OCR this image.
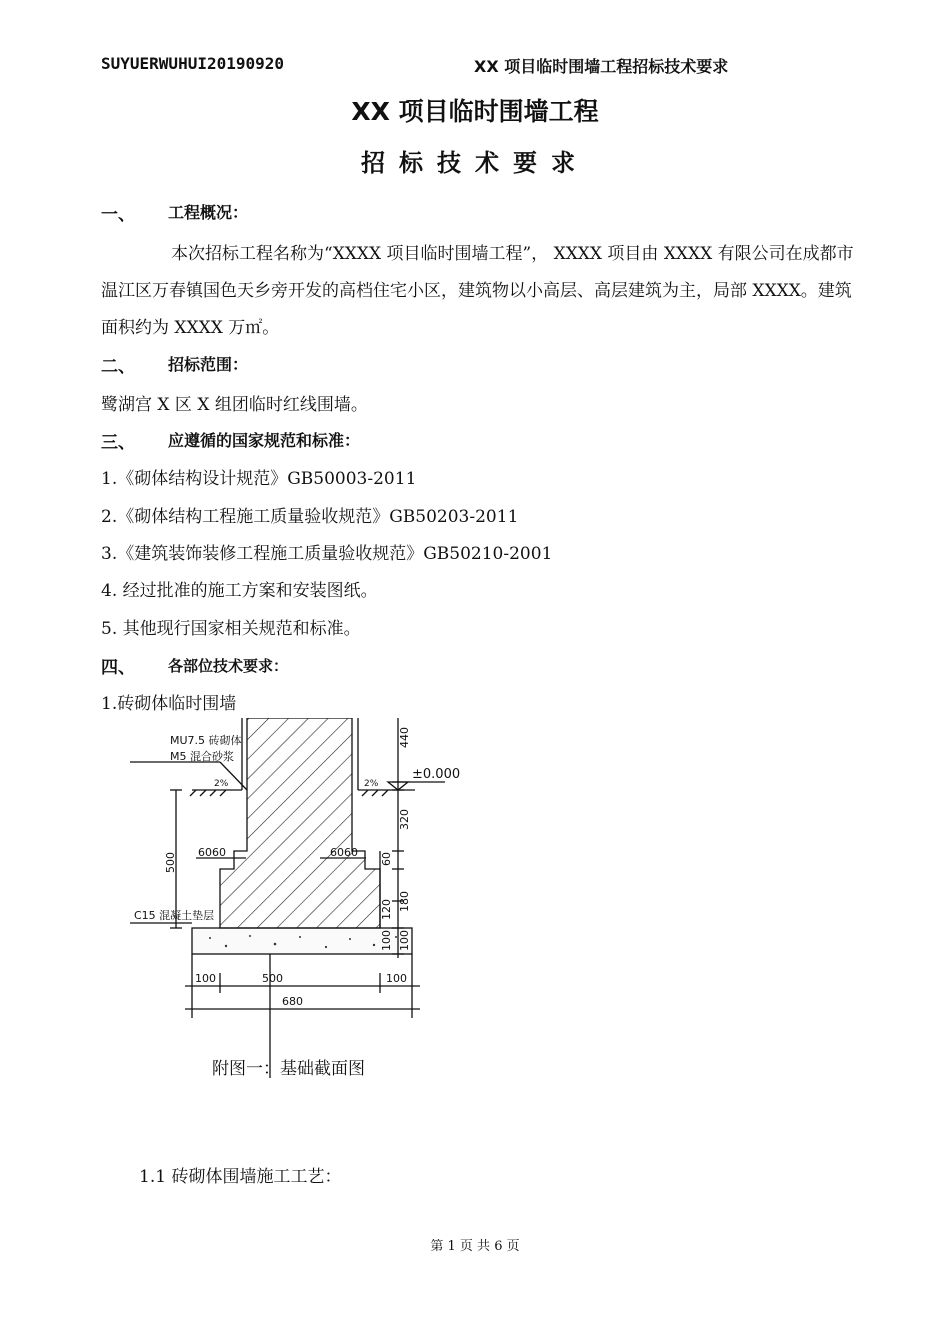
SUYUERWUHUI20190920	XX 项目临时围墙工程招标技术要求
XX 项目临时围墙工程
招标技术要求
一、 工程概况：
本次招标工程名称为“XXXX 项目临时围墙工程”， XXXX 项目由 XXXX 有限公司在成都市温江区万春镇国色天乡旁开发的高档住宅小区，建筑物以小高层、高层建筑为主，局部 XXXX。建筑面积约为 XXXX 万㎡。
二、 招标范围：
鹭湖宫 X 区 X 组团临时红线围墙。
三、 应遵循的国家规范和标准：
1.《砌体结构设计规范》GB50003-2011
2.《砌体结构工程施工质量验收规范》GB50203-2011
3.《建筑装饰装修工程施工质量验收规范》GB50210-2001
4. 经过批准的施工方案和安装图纸。
5. 其他现行国家相关规范和标准。
四、 各部位技术要求：
1.砖砌体临时围墙
MU7.5 砖砌体
M5 混合砂浆
C15 混凝土垫层
±0.000
2%	2%
6060	6060
440
320
60
120 180
100 100
500
100	500	100
680
附图一：基础截面图
1.1 砖砌体围墙施工工艺：
第 1 页 共 6 页
